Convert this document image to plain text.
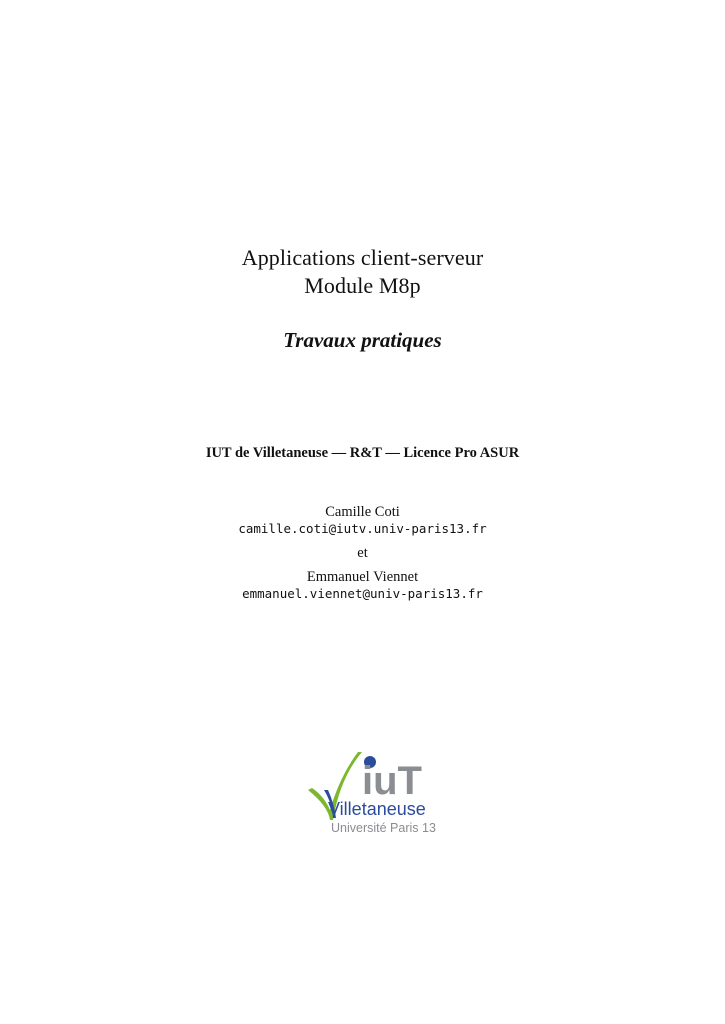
Applications client-serveur
Module M8p
Travaux pratiques
IUT de Villetaneuse — R&T — Licence Pro ASUR
Camille Coti
camille.coti@iutv.univ-paris13.fr
et
Emmanuel Viennet
emmanuel.viennet@univ-paris13.fr
iuT
Villetaneuse
Université Paris 13
